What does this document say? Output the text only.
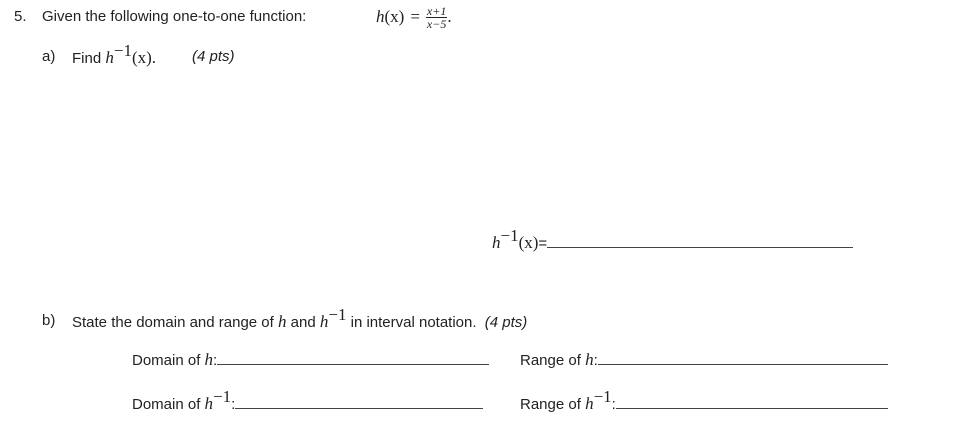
5. Given the following one-to-one function:	h $(x) = \frac{x+1}{x-5}$ .
a) Find $h^{-1}(x)$. (4 pts)
$h^{-1}(x)=$
b) State the domain and range of h and $h^{-1}$ in interval notation. (4 pts)
Domain of h:	Range of h:
Domain of $h^{-1}$:	Range of $h^{-1}$:
